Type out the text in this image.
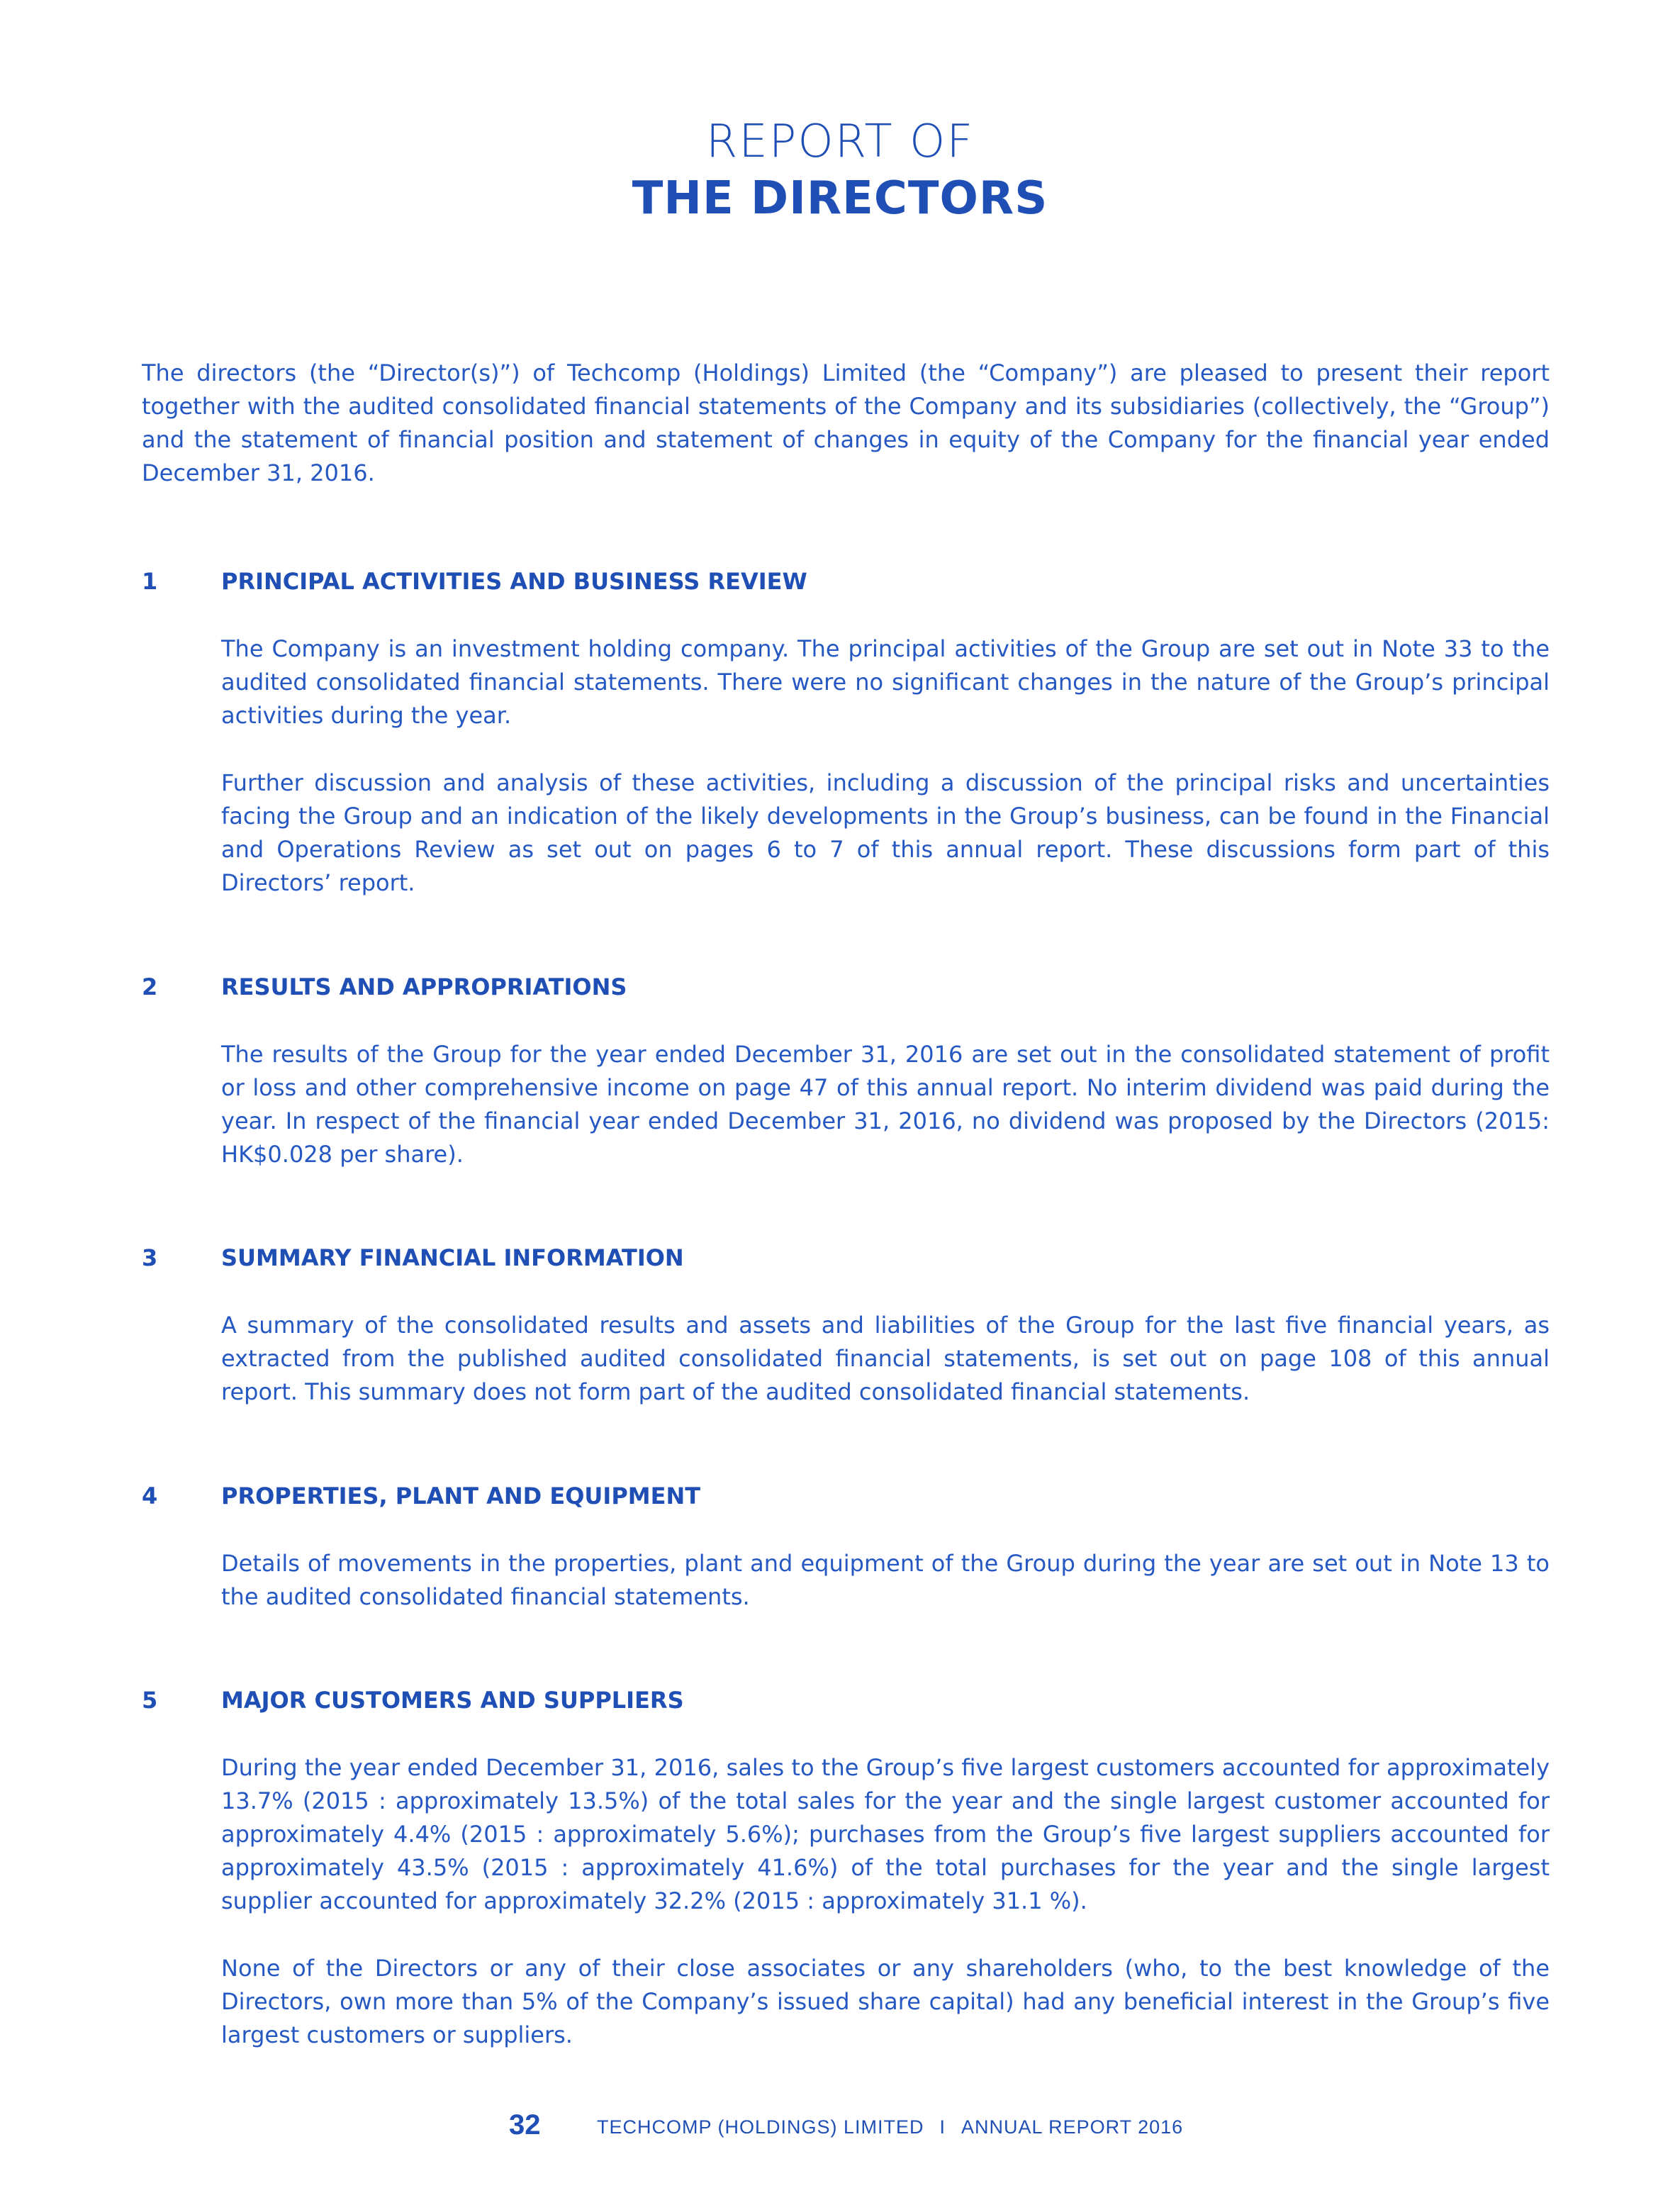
REPORT OF
THE DIRECTORS
The directors (the “Director(s)”) of Techcomp (Holdings) Limited (the “Company”) are pleased to present their report together with the audited consolidated financial statements of the Company and its subsidiaries (collectively, the “Group”) and the statement of financial position and statement of changes in equity of the Company for the financial year ended December 31, 2016.
1	PRINCIPAL ACTIVITIES AND BUSINESS REVIEW
The Company is an investment holding company. The principal activities of the Group are set out in Note 33 to the audited consolidated financial statements. There were no significant changes in the nature of the Group’s principal activities during the year.
Further discussion and analysis of these activities, including a discussion of the principal risks and uncertainties facing the Group and an indication of the likely developments in the Group’s business, can be found in the Financial and Operations Review as set out on pages 6 to 7 of this annual report. These discussions form part of this Directors’ report.
2	RESULTS AND APPROPRIATIONS
The results of the Group for the year ended December 31, 2016 are set out in the consolidated statement of profit or loss and other comprehensive income on page 47 of this annual report. No interim dividend was paid during the year. In respect of the financial year ended December 31, 2016, no dividend was proposed by the Directors (2015: HK$0.028 per share).
3	SUMMARY FINANCIAL INFORMATION
A summary of the consolidated results and assets and liabilities of the Group for the last five financial years, as extracted from the published audited consolidated financial statements, is set out on page 108 of this annual report. This summary does not form part of the audited consolidated financial statements.
4	PROPERTIES, PLANT AND EQUIPMENT
Details of movements in the properties, plant and equipment of the Group during the year are set out in Note 13 to the audited consolidated financial statements.
5	MAJOR CUSTOMERS AND SUPPLIERS
During the year ended December 31, 2016, sales to the Group’s five largest customers accounted for approximately 13.7% (2015 : approximately 13.5%) of the total sales for the year and the single largest customer accounted for approximately 4.4% (2015 : approximately 5.6%); purchases from the Group’s five largest suppliers accounted for approximately 43.5% (2015 : approximately 41.6%) of the total purchases for the year and the single largest supplier accounted for approximately 32.2% (2015 : approximately 31.1 %).
None of the Directors or any of their close associates or any shareholders (who, to the best knowledge of the Directors, own more than 5% of the Company’s issued share capital) had any beneficial interest in the Group’s five largest customers or suppliers.
32	TECHCOMP (HOLDINGS) LIMITED I ANNUAL REPORT 2016
